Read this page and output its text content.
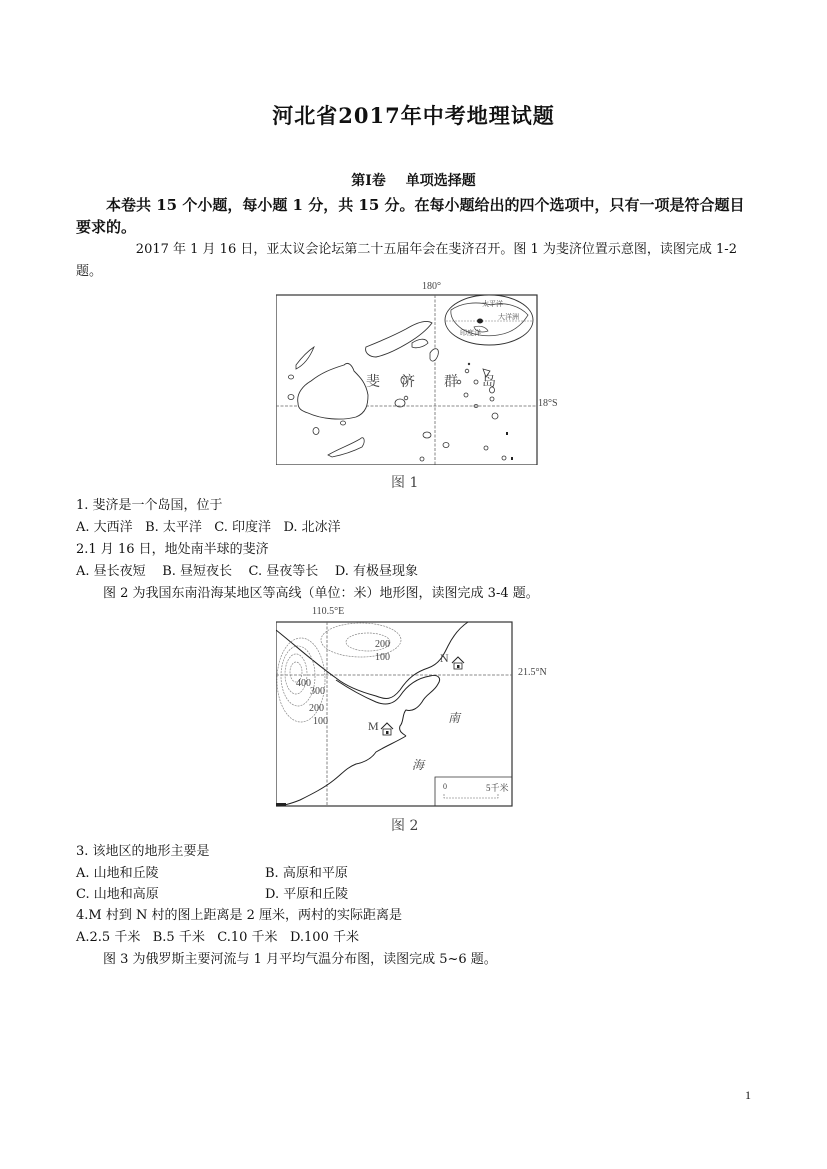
河北省2017年中考地理试题
第Ⅰ卷 单项选择题
本卷共 15 个小题，每小题 1 分，共 15 分。在每小题给出的四个选项中，只有一项是符合题目要求的。
2017 年 1 月 16 日，亚太议会论坛第二十五届年会在斐济召开。图 1 为斐济位置示意图，读图完成 1-2 题。
180°
18°S
太平洋
大洋洲
印度洋
斐 济 群 岛
图 1
1. 斐济是一个岛国，位于
A. 大西洋 B. 太平洋 C. 印度洋 D. 北冰洋
2.1 月 16 日，地处南半球的斐济
A. 昼长夜短 B. 昼短夜长 C. 昼夜等长 D. 有极昼现象
图 2 为我国东南沿海某地区等高线（单位：米）地形图，读图完成 3-4 题。
110.5°E
21.5°N
400
300
200
100
200
100
M
N
南
海
0	5千米
图 2
3. 该地区的地形主要是
A. 山地和丘陵	B. 高原和平原
C. 山地和高原	D. 平原和丘陵
4.M 村到 N 村的图上距离是 2 厘米，两村的实际距离是
A.2.5 千米 B.5 千米 C.10 千米 D.100 千米
图 3 为俄罗斯主要河流与 1 月平均气温分布图，读图完成 5~6 题。
1
